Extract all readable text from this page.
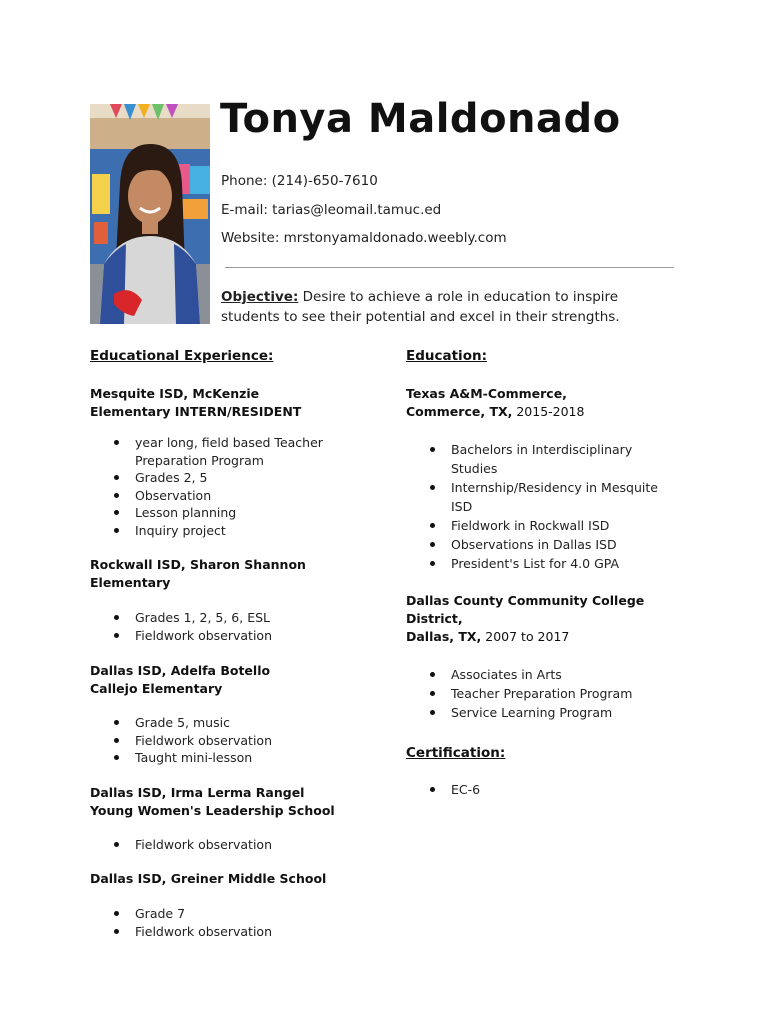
Tonya Maldonado
Phone: (214)-650-7610
E-mail: tarias@leomail.tamuc.ed
Website: mrstonyamaldonado.weebly.com
Objective: Desire to achieve a role in education to inspire students to see their potential and excel in their strengths.

Educational Experience:

Mesquite ISD, McKenzie Elementary INTERN/RESIDENT

year long, field based Teacher Preparation Program
Grades 2, 5
Observation
Lesson planning
Inquiry project

Rockwall ISD, Sharon Shannon Elementary

Grades 1, 2, 5, 6, ESL
Fieldwork observation

Dallas ISD, Adelfa Botello Callejo Elementary

Grade 5, music
Fieldwork observation
Taught mini-lesson

Dallas ISD, Irma Lerma Rangel Young Women's Leadership School

Fieldwork observation

Dallas ISD, Greiner Middle School

Grade 7
Fieldwork observation

Education:

Texas A&M-Commerce,

Commerce, TX, 2015-2018

Bachelors in Interdisciplinary Studies
Internship/Residency in Mesquite ISD
Fieldwork in Rockwall ISD
Observations in Dallas ISD
President's List for 4.0 GPA

Dallas County Community College District,

Dallas, TX, 2007 to 2017

Associates in Arts
Teacher Preparation Program
Service Learning Program

Certification:

EC-6
